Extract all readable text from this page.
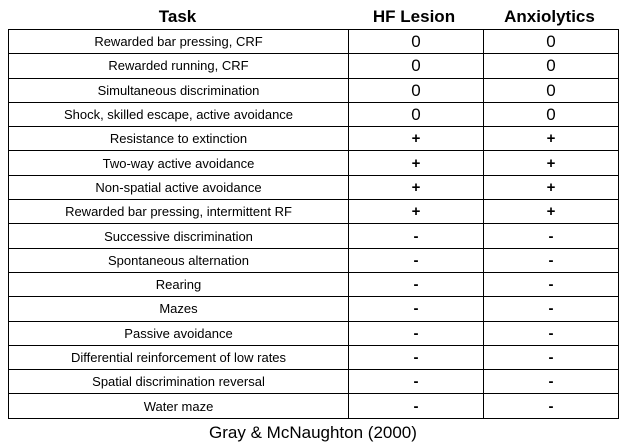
Task	HF Lesion	Anxiolytics
Rewarded bar pressing, CRF	0	0
Rewarded running, CRF	0	0
Simultaneous discrimination	0	0
Shock, skilled escape, active avoidance	0	0
Resistance to extinction	+	+
Two-way active avoidance	+	+
Non-spatial active avoidance	+	+
Rewarded bar pressing, intermittent RF	+	+
Successive discrimination	-	-
Spontaneous alternation	-	-
Rearing	-	-
Mazes	-	-
Passive avoidance	-	-
Differential reinforcement of low rates	-	-
Spatial discrimination reversal	-	-
Water maze	-	-
Gray & McNaughton (2000)
